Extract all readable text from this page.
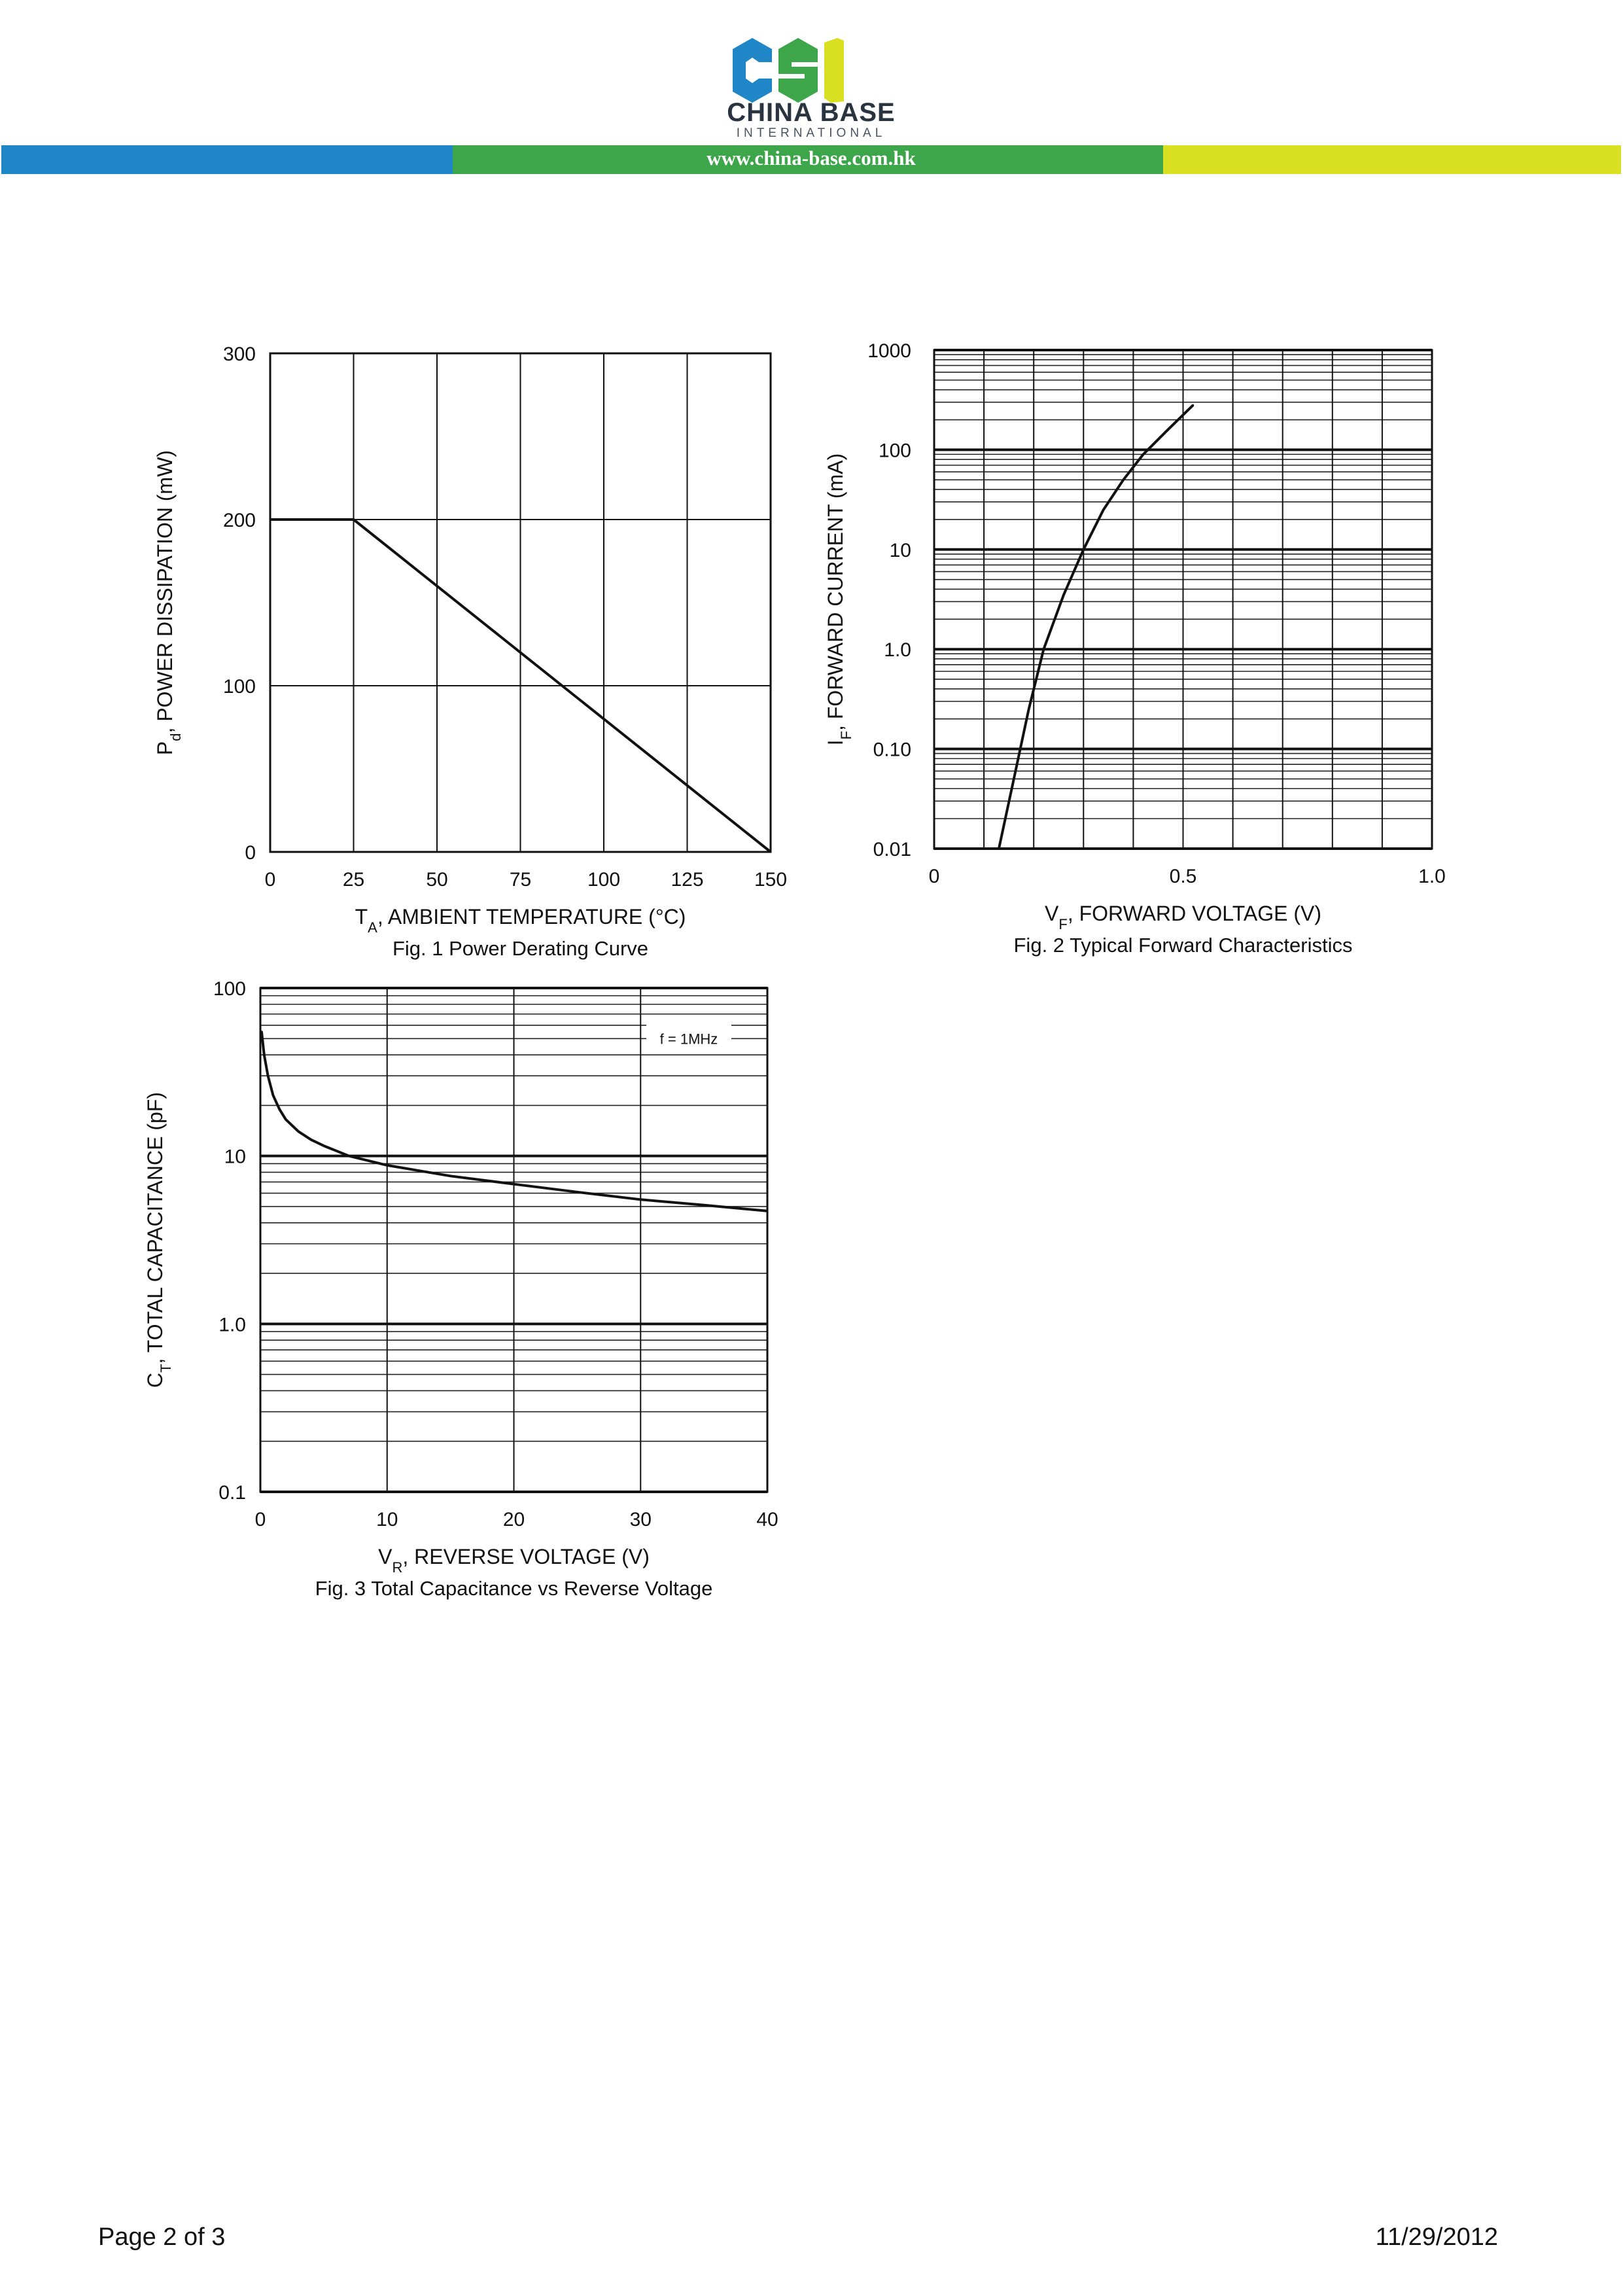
CHINA BASE
INTERNATIONAL
www.china-base.com.hk
0	25	50	75	100	125	150
0
100
200
300
$T_A$, AMBIENT TEMPERATURE (°C)
$P_d$, POWER DISSIPATION (mW)
Fig. 1 Power Derating Curve
0	0.5	1.0
0.01
0.10
1.0
10
100
1000
$V_F$, FORWARD VOLTAGE (V)
$I_F$, FORWARD CURRENT (mA)
Fig. 2 Typical Forward Characteristics
0	10	20	30	40
0.1
1.0
10
100
$V_R$, REVERSE VOLTAGE (V)
$C_T$, TOTAL CAPACITANCE (pF)
Fig. 3 Total Capacitance vs Reverse Voltage
f = 1MHz
Page 2 of 3	11/29/2012
